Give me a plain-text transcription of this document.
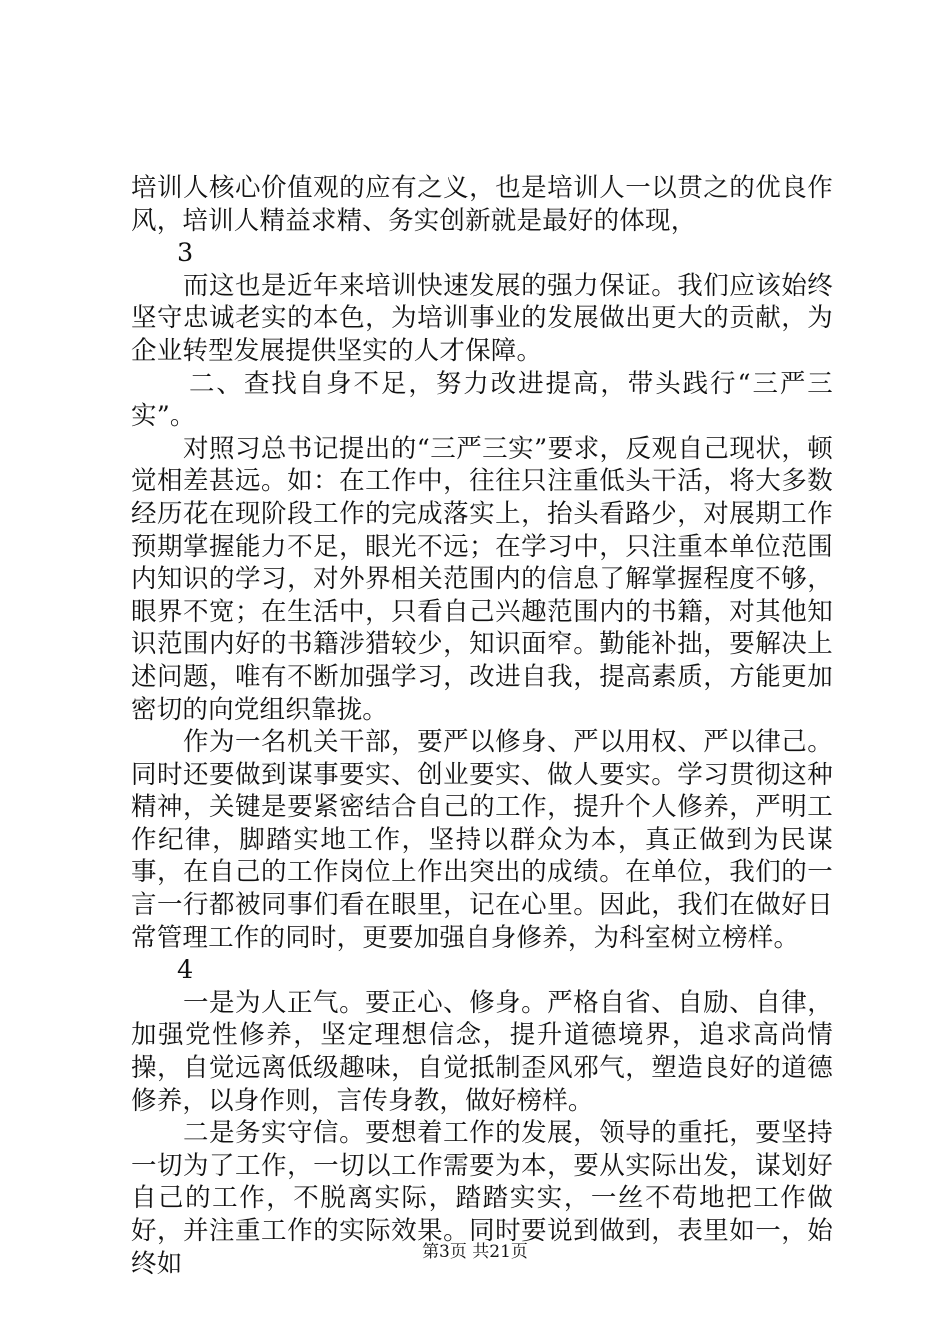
培训人核心价值观的应有之义，也是培训人一以贯之的优良作风，培训人精益求精、务实创新就是最好的体现，

3

而这也是近年来培训快速发展的强力保证。我们应该始终坚守忠诚老实的本色，为培训事业的发展做出更大的贡献，为企业转型发展提供坚实的人才保障。

二、查找自身不足，努力改进提高，带头践行“三严三实”。

对照习总书记提出的“三严三实”要求，反观自己现状，顿觉相差甚远。如：在工作中，往往只注重低头干活，将大多数经历花在现阶段工作的完成落实上，抬头看路少，对展期工作预期掌握能力不足，眼光不远；在学习中，只注重本单位范围内知识的学习，对外界相关范围内的信息了解掌握程度不够，眼界不宽；在生活中，只看自己兴趣范围内的书籍，对其他知识范围内好的书籍涉猎较少，知识面窄。勤能补拙，要解决上述问题，唯有不断加强学习，改进自我，提高素质，方能更加密切的向党组织靠拢。

作为一名机关干部，要严以修身、严以用权、严以律己。同时还要做到谋事要实、创业要实、做人要实。学习贯彻这种精神，关键是要紧密结合自己的工作，提升个人修养，严明工作纪律，脚踏实地工作，坚持以群众为本，真正做到为民谋事，在自己的工作岗位上作出突出的成绩。在单位，我们的一言一行都被同事们看在眼里，记在心里。因此，我们在做好日常管理工作的同时，更要加强自身修养，为科室树立榜样。

4

一是为人正气。要正心、修身。严格自省、自励、自律，加强党性修养，坚定理想信念，提升道德境界，追求高尚情操，自觉远离低级趣味，自觉抵制歪风邪气，塑造良好的道德修养，以身作则，言传身教，做好榜样。

二是务实守信。要想着工作的发展，领导的重托，要坚持一切为了工作，一切以工作需要为本，要从实际出发，谋划好自己的工作，不脱离实际，踏踏实实，一丝不苟地把工作做好，并注重工作的实际效果。同时要说到做到，表里如一，始终如	第3页 共21页
